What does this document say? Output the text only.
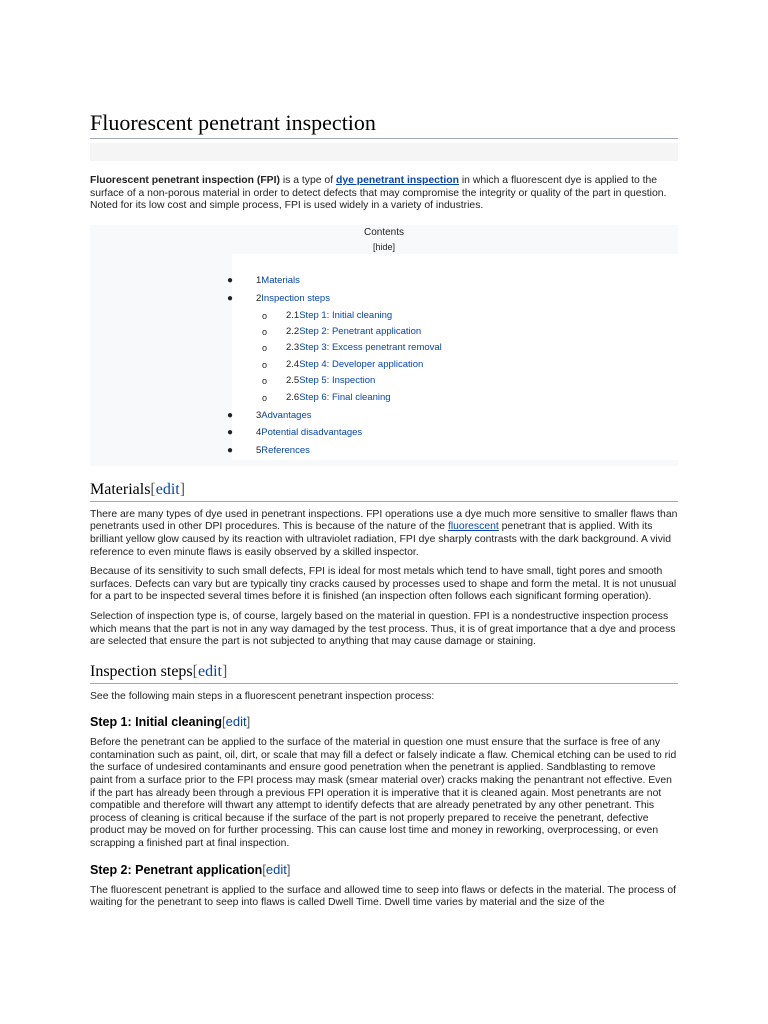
Fluorescent penetrant inspection

Fluorescent penetrant inspection (FPI) is a type of dye penetrant inspection in which a fluorescent dye is applied to the surface of a non-porous material in order to detect defects that may compromise the integrity or quality of the part in question. Noted for its low cost and simple process, FPI is used widely in a variety of industries.

Contents
[hide]
● 1Materials
● 2Inspection steps
o 2.1Step 1: Initial cleaning
o 2.2Step 2: Penetrant application
o 2.3Step 3: Excess penetrant removal
o 2.4Step 4: Developer application
o 2.5Step 5: Inspection
o 2.6Step 6: Final cleaning
● 3Advantages
● 4Potential disadvantages
● 5References
Materials[edit]

There are many types of dye used in penetrant inspections. FPI operations use a dye much more sensitive to smaller flaws than penetrants used in other DPI procedures. This is because of the nature of the fluorescent penetrant that is applied. With its brilliant yellow glow caused by its reaction with ultraviolet radiation, FPI dye sharply contrasts with the dark background. A vivid reference to even minute flaws is easily observed by a skilled inspector.

Because of its sensitivity to such small defects, FPI is ideal for most metals which tend to have small, tight pores and smooth surfaces. Defects can vary but are typically tiny cracks caused by processes used to shape and form the metal. It is not unusual for a part to be inspected several times before it is finished (an inspection often follows each significant forming operation).

Selection of inspection type is, of course, largely based on the material in question. FPI is a nondestructive inspection process which means that the part is not in any way damaged by the test process. Thus, it is of great importance that a dye and process are selected that ensure the part is not subjected to anything that may cause damage or staining.

Inspection steps[edit]

See the following main steps in a fluorescent penetrant inspection process:

Step 1: Initial cleaning[edit]

Before the penetrant can be applied to the surface of the material in question one must ensure that the surface is free of any contamination such as paint, oil, dirt, or scale that may fill a defect or falsely indicate a flaw. Chemical etching can be used to rid the surface of undesired contaminants and ensure good penetration when the penetrant is applied. Sandblasting to remove paint from a surface prior to the FPI process may mask (smear material over) cracks making the penantrant not effective. Even if the part has already been through a previous FPI operation it is imperative that it is cleaned again. Most penetrants are not compatible and therefore will thwart any attempt to identify defects that are already penetrated by any other penetrant. This process of cleaning is critical because if the surface of the part is not properly prepared to receive the penetrant, defective product may be moved on for further processing. This can cause lost time and money in reworking, overprocessing, or even scrapping a finished part at final inspection.

Step 2: Penetrant application[edit]

The fluorescent penetrant is applied to the surface and allowed time to seep into flaws or defects in the material. The process of waiting for the penetrant to seep into flaws is called Dwell Time. Dwell time varies by material and the size of the
